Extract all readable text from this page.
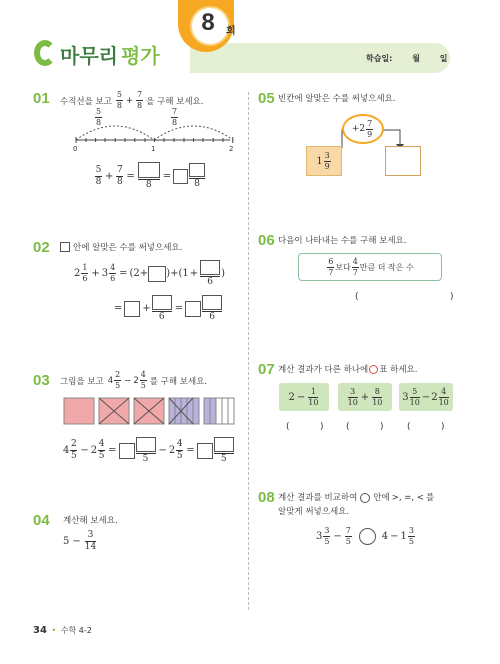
마무리 평가
8	회
학습일: 월 일
01 수직선을 보고
5
8 +
7
8 을 구해 보세요.
5
8
7
8
0	1	2
5
8 +
7
8 =
8
=
8
02	안에 알맞은 수를 써넣으세요.
2
1
6 + 3
4
6 = (2+ )+( 1 +
6
)
= +
6
=
6
03 그림을 보고 4
2
5 − 2
4
5 를 구해 보세요.
4
2
5 − 2
4
5 =
5
− 2
4
5 =
5
04 계산해 보세요.
5 −
3
14
05 빈칸에 알맞은 수를 써넣으세요.
+2
7
9
1
3
9
06 다음이 나타내는 수를 구해 보세요.
6
7
보다
4
7
만큼 더 작은 수
(	)
07 계산 결과가 다른 하나에 ○ 표 하세요.
2 −
1
10
3
10 +
8
10 3
5
10 − 2
4
10
(	) (	)	(	)
08 계산 결과를 비교하여 안에 >, =, < 를
알맞게 써넣으세요.
3
3
5 −
7
5	4 − 1
3
5
34 • 수학 4-2
